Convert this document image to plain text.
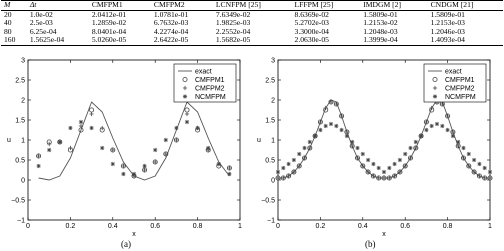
M	Δt	CMFPM1	CMFPM2	LCNFPM [25]	LFFPM [25]	IMDGM [2]	CNDGM [21]
20	1.0e-02	2.0412e-01	1.0781e-01	7.6349e-02	8.6369e-02	1.5809e-01	1.5809e-01
40	2.5e-03	1.2859e-02	6.7632e-03	1.9825e-03	5.2702e-03	1.2153e-02	1.2153e-03
80	6.25e-04	8.0401e-04	4.2274e-04	2.2552e-04	3.3000e-04	1.2048e-03	1.2046e-03
160	1.5625e-04	5.0260e-05	2.6422e-05	1.5682e-05	2.0630e-05	1.3999e-04	1.4093e-04
0	0.2	0.4	0.6	0.8	1
−1
−0.5
0
0.5
1
1.5
2
2.5
3
x
u
exact
CMFPM1
CMFPM2
NCMFPM
0	0.2	0.4	0.6	0.8	1
−1
−0.5
0
0.5
1
1.5
2
2.5
3
x
u
exact
CMFPM1
CMFPM2
NCMFPM
(a)	(b)
